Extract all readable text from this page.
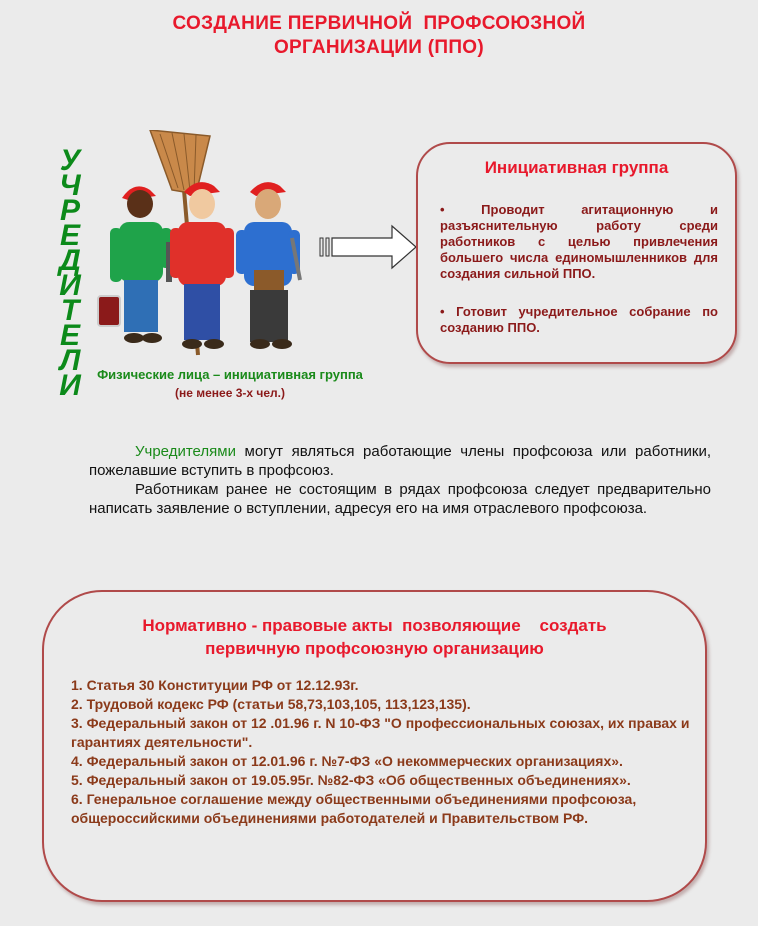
СОЗДАНИЕ ПЕРВИЧНОЙ  ПРОФСОЮЗНОЙ
ОРГАНИЗАЦИИ (ППО)
У
Ч
Р
Е
Д
И
Т
Е
Л
И	Физические лица – инициативная группа
(не менее 3-х чел.)
Инициативная группа
• Проводит агитационную и разъяснительную работу среди работников с целью привлечения большего числа единомышленников для создания сильной ППО.
• Готовит учредительное собрание по созданию ППО.
Учредителями могут являться работающие члены профсоюза или работники, пожелавшие вступить в профсоюз.
Работникам ранее не состоящим в рядах профсоюза следует предварительно написать заявление о вступлении, адресуя его на имя отраслевого профсоюза.
Нормативно - правовые акты  позволяющие    создать
первичную профсоюзную организацию
1. Статья 30 Конституции РФ от 12.12.93г.
2. Трудовой кодекс РФ (статьи 58,73,103,105, 113,123,135).
3. Федеральный закон от 12 .01.96 г. N 10-ФЗ "О профессиональных союзах, их правах и гарантиях деятельности".
4. Федеральный закон от 12.01.96 г. №7-ФЗ «О некоммерческих организациях».
5. Федеральный закон от 19.05.95г. №82-ФЗ «Об общественных объединениях».
6. Генеральное соглашение между общественными объединениями профсоюза, общероссийскими объединениями работодателей и Правительством РФ.
